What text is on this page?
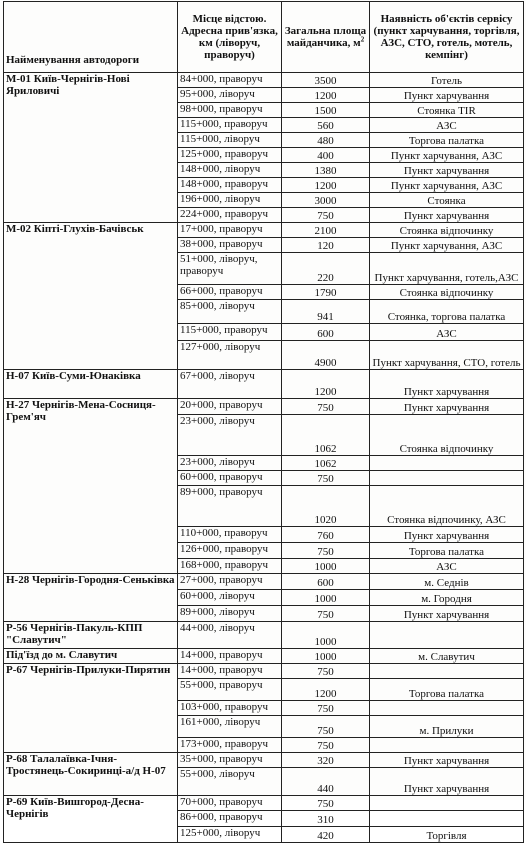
Найменування автодороги	Місце відстою. Адресна прив'язка, км (ліворуч, праворуч)	Загальна площа майданчика, $м^2$	Наявність об'єктів сервісу (пункт харчування, торгівля, АЗС, СТО, готель, мотель, кемпінг)
М-01 Київ-Чернігів-Нові Яриловичі	84+000, праворуч	3500	Готель
	95+000, ліворуч	1200	Пункт харчування
	98+000, праворуч	1500	Стоянка TIR
	115+000, праворуч	560	АЗС
	115+000, ліворуч	480	Торгова палатка
	125+000, праворуч	400	Пункт харчування, АЗС
	148+000, ліворуч	1380	Пункт харчування
	148+000, праворуч	1200	Пункт харчування, АЗС
	196+000, ліворуч	3000	Стоянка
	224+000, праворуч	750	Пункт харчування
М-02 Кіпті-Глухів-Бачівськ	17+000, праворуч	2100	Стоянка відпочинку
	38+000, праворуч	120	Пункт харчування, АЗС
	51+000, ліворуч, праворуч	220	Пункт харчування, готель,АЗС
	66+000, праворуч	1790	Стоянка відпочинку
	85+000, ліворуч	941	Стоянка, торгова палатка
	115+000, праворуч	600	АЗС
	127+000, ліворуч	4900	Пункт харчування, СТО, готель
Н-07 Київ-Суми-Юнаківка	67+000, ліворуч	1200	Пункт харчування
Н-27 Чернігів-Мена-Сосниця-Грем'яч	20+000, праворуч	750	Пункт харчування
	23+000, ліворуч	1062	Стоянка відпочинку
	23+000, ліворуч	1062	
	60+000, праворуч	750	
	89+000, праворуч	1020	Стоянка відпочинку, АЗС
	110+000, праворуч	760	Пункт харчування
	126+000, праворуч	750	Торгова палатка
	168+000, праворуч	1000	АЗС
Н-28 Чернігів-Городня-Сеньківка	27+000, праворуч	600	м. Седнів
	60+000, ліворуч	1000	м. Городня
	89+000, ліворуч	750	Пункт харчування
Р-56 Чернігів-Пакуль-КПП "Славутич"	44+000, ліворуч	1000	
Під'їзд до м. Славутич	14+000, праворуч	1000	м. Славутич
Р-67 Чернігів-Прилуки-Пирятин	14+000, праворуч	750	
	55+000, праворуч	1200	Торгова палатка
	103+000, праворуч	750	
	161+000, ліворуч	750	м. Прилуки
	173+000, праворуч	750	
Р-68 Талалаївка-Ічня-Тростянець-Сокиринці-а/д Н-07	35+000, праворуч	320	Пункт харчування
	55+000, ліворуч	440	Пункт харчування
Р-69 Київ-Вишгород-Десна-Чернігів	70+000, праворуч	750	
	86+000, праворуч	310	
	125+000, ліворуч	420	Торгівля
